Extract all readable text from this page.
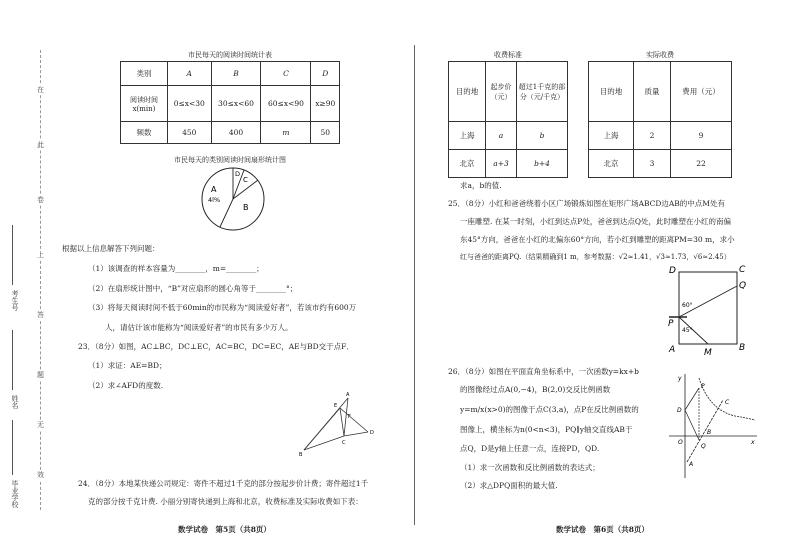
考生号
姓名
毕业学校
在
此
卷
上
答
题
无
效
市民每天的阅读时间统计表
类别	A	B	C	D
阅读时间x(min)	0≤x<30	30≤x<60	60≤x<90	x≥90
频数	450	400	m	50
市民每天的类别阅读时间扇形统计图
A
4l%
B
C
D
根据以上信息解答下列问题：
（1）该调查的样本容量为________，m=________；
（2）在扇形统计图中，“B”对应扇形的圆心角等于________°；
（3）将每天阅读时间不低于60min的市民称为“阅读爱好者”，若该市约有600万
人，请估计该市能称为“阅读爱好者”的市民有多少万人。
23．（8分）如图，AC⊥BC，DC⊥EC，AC=BC，DC=EC，AE与BD交于点F．
（1）求证：AE=BD；
（2）求∠AFD的度数.
A
B
D
E
F
C
24．（8分）本地某快递公司规定：寄件不超过1千克的部分按起步价计费；寄件超过1千
克的部分按千克计费. 小丽分别寄快递到上海和北京，收费标准及实际收费如下表：
数学试卷　第5页（共8页）
收费标准
目的地	起步价（元）	超过1千克的部分（元/千克）
上海	a	b
北京	a+3	b+4
实际收费
目的地	质量	费用（元）
上海	2	9
北京	3	22
求a，b的值.
25．（8分）小红和爸爸绕着小区广场锻炼如图在矩形广场ABCD边AB的中点M处有
一座雕塑. 在某一时刻，小红到达点P处，爸爸到达点Q处，此时雕塑在小红的南偏
东45°方向，爸爸在小红的北偏东60°方向，若小红到雕塑的距离PM=30 m，求小
红与爸爸的距离PQ.（结果精确到1 m，参考数据：√2≈1.41，√3≈1.73，√6≈2.45）
D	C
Q
P
60°
45°
A	M	B
26．（8分）如图在平面直角坐标系中，一次函数y=kx+b
的图像经过点A(0,−4)，B(2,0)交反比例函数
y=m/x(x>0)的图像于点C(3,a)，点P在反比例函数的
图像上，横坐标为n(0<n<3)，PQ∥y轴交直线AB于
点Q，D是y轴上任意一点，连接PD，QD.
（1）求一次函数和反比例函数的表达式；
（2）求△DPQ面积的最大值.
y
P
C
B
x
O
A
D
Q
数学试卷　第6页（共8页）
